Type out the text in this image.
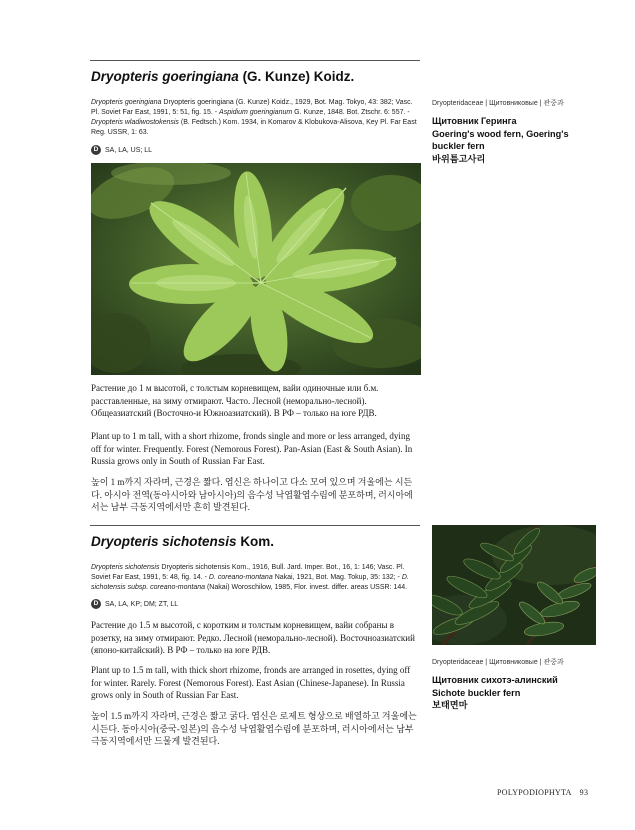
Dryopteris goeringiana (G. Kunze) Koidz.
Dryopteris goeringiana Dryopteris goeringiana (G. Kunze) Koidz., 1929, Bot. Mag. Tokyo, 43: 382; Vasc. Pl. Soviet Far East, 1991, 5: 51, fig. 15. - Aspidium goeringianum G. Kunze, 1848. Bot. Ztschr. 6: 557. - Dryopteris wladiwostokensis (B. Fedtsch.) Kom. 1934, in Komarov & Klobukova-Alisova, Key Pl. Far East Reg. USSR, 1: 63.
D SA, LA, US; LL
Растение до 1 м высотой, с толстым корневищем, вайи одиночные или б.м. расставленные, на зиму отмирают. Часто. Лесной (неморально-лесной). Общеазиатский (Восточно-и Южноазиатский). В РФ – только на юге РДВ.
Plant up to 1 m tall, with a short rhizome, fronds single and more or less arranged, dying off for winter. Frequently. Forest (Nemorous Forest). Pan-Asian (East & South Asian). In Russia grows only in South of Russian Far East.
높이 1 m까지 자라며, 근경은 짧다. 엽신은 하나이고 다소 모여 있으며 겨울에는 시든다. 아시아 전역(동아시아와 남아시아)의 음수성 낙엽활엽수림에 분포하며, 러시아에서는 남부 극동지역에서만 흔히 발견된다.
Dryopteridaceae | Щитовниковые | 관중과
Щитовник Геринга
Goering's wood fern, Goering's buckler fern
바위틈고사리
Dryopteris sichotensis Kom.
Dryopteris sichotensis Dryopteris sichotensis Kom., 1916, Bull. Jard. Imper. Bot., 16, 1: 146; Vasc. Pl. Soviet Far East, 1991, 5: 48, fig. 14. - D. coreano-montana Nakai, 1921, Bot. Mag. Tokup, 35: 132; - D. sichotensis subsp. coreano-montana (Nakai) Woroschilow, 1985, Flor. invest. differ. areas USSR: 144.
D SA, LA, KP; DM; ZT, LL
Растение до 1.5 м высотой, с коротким и толстым корневищем, вайи собраны в розетку, на зиму отмирают. Редко. Лесной (неморально-лесной). Восточноазиатский (японо-китайский). В РФ – только на юге РДВ.
Plant up to 1.5 m tall, with thick short rhizome, fronds are arranged in rosettes, dying off for winter. Rarely. Forest (Nemorous Forest). East Asian (Chinese-Japanese). In Russia grows only in South of Russian Far East.
높이 1.5 m까지 자라며, 근경은 짧고 굵다. 엽신은 로제트 형상으로 배열하고 겨울에는 시든다. 동아시아(중국-일본)의 음수성 낙엽활엽수림에 분포하며, 러시아에서는 남부 극동지역에서만 드물게 발견된다.
Dryopteridaceae | Щитовниковые | 관중과
Щитовник сихотэ-алинский
Sichote buckler fern
보태면마
POLYPODIOPHYTA 93
